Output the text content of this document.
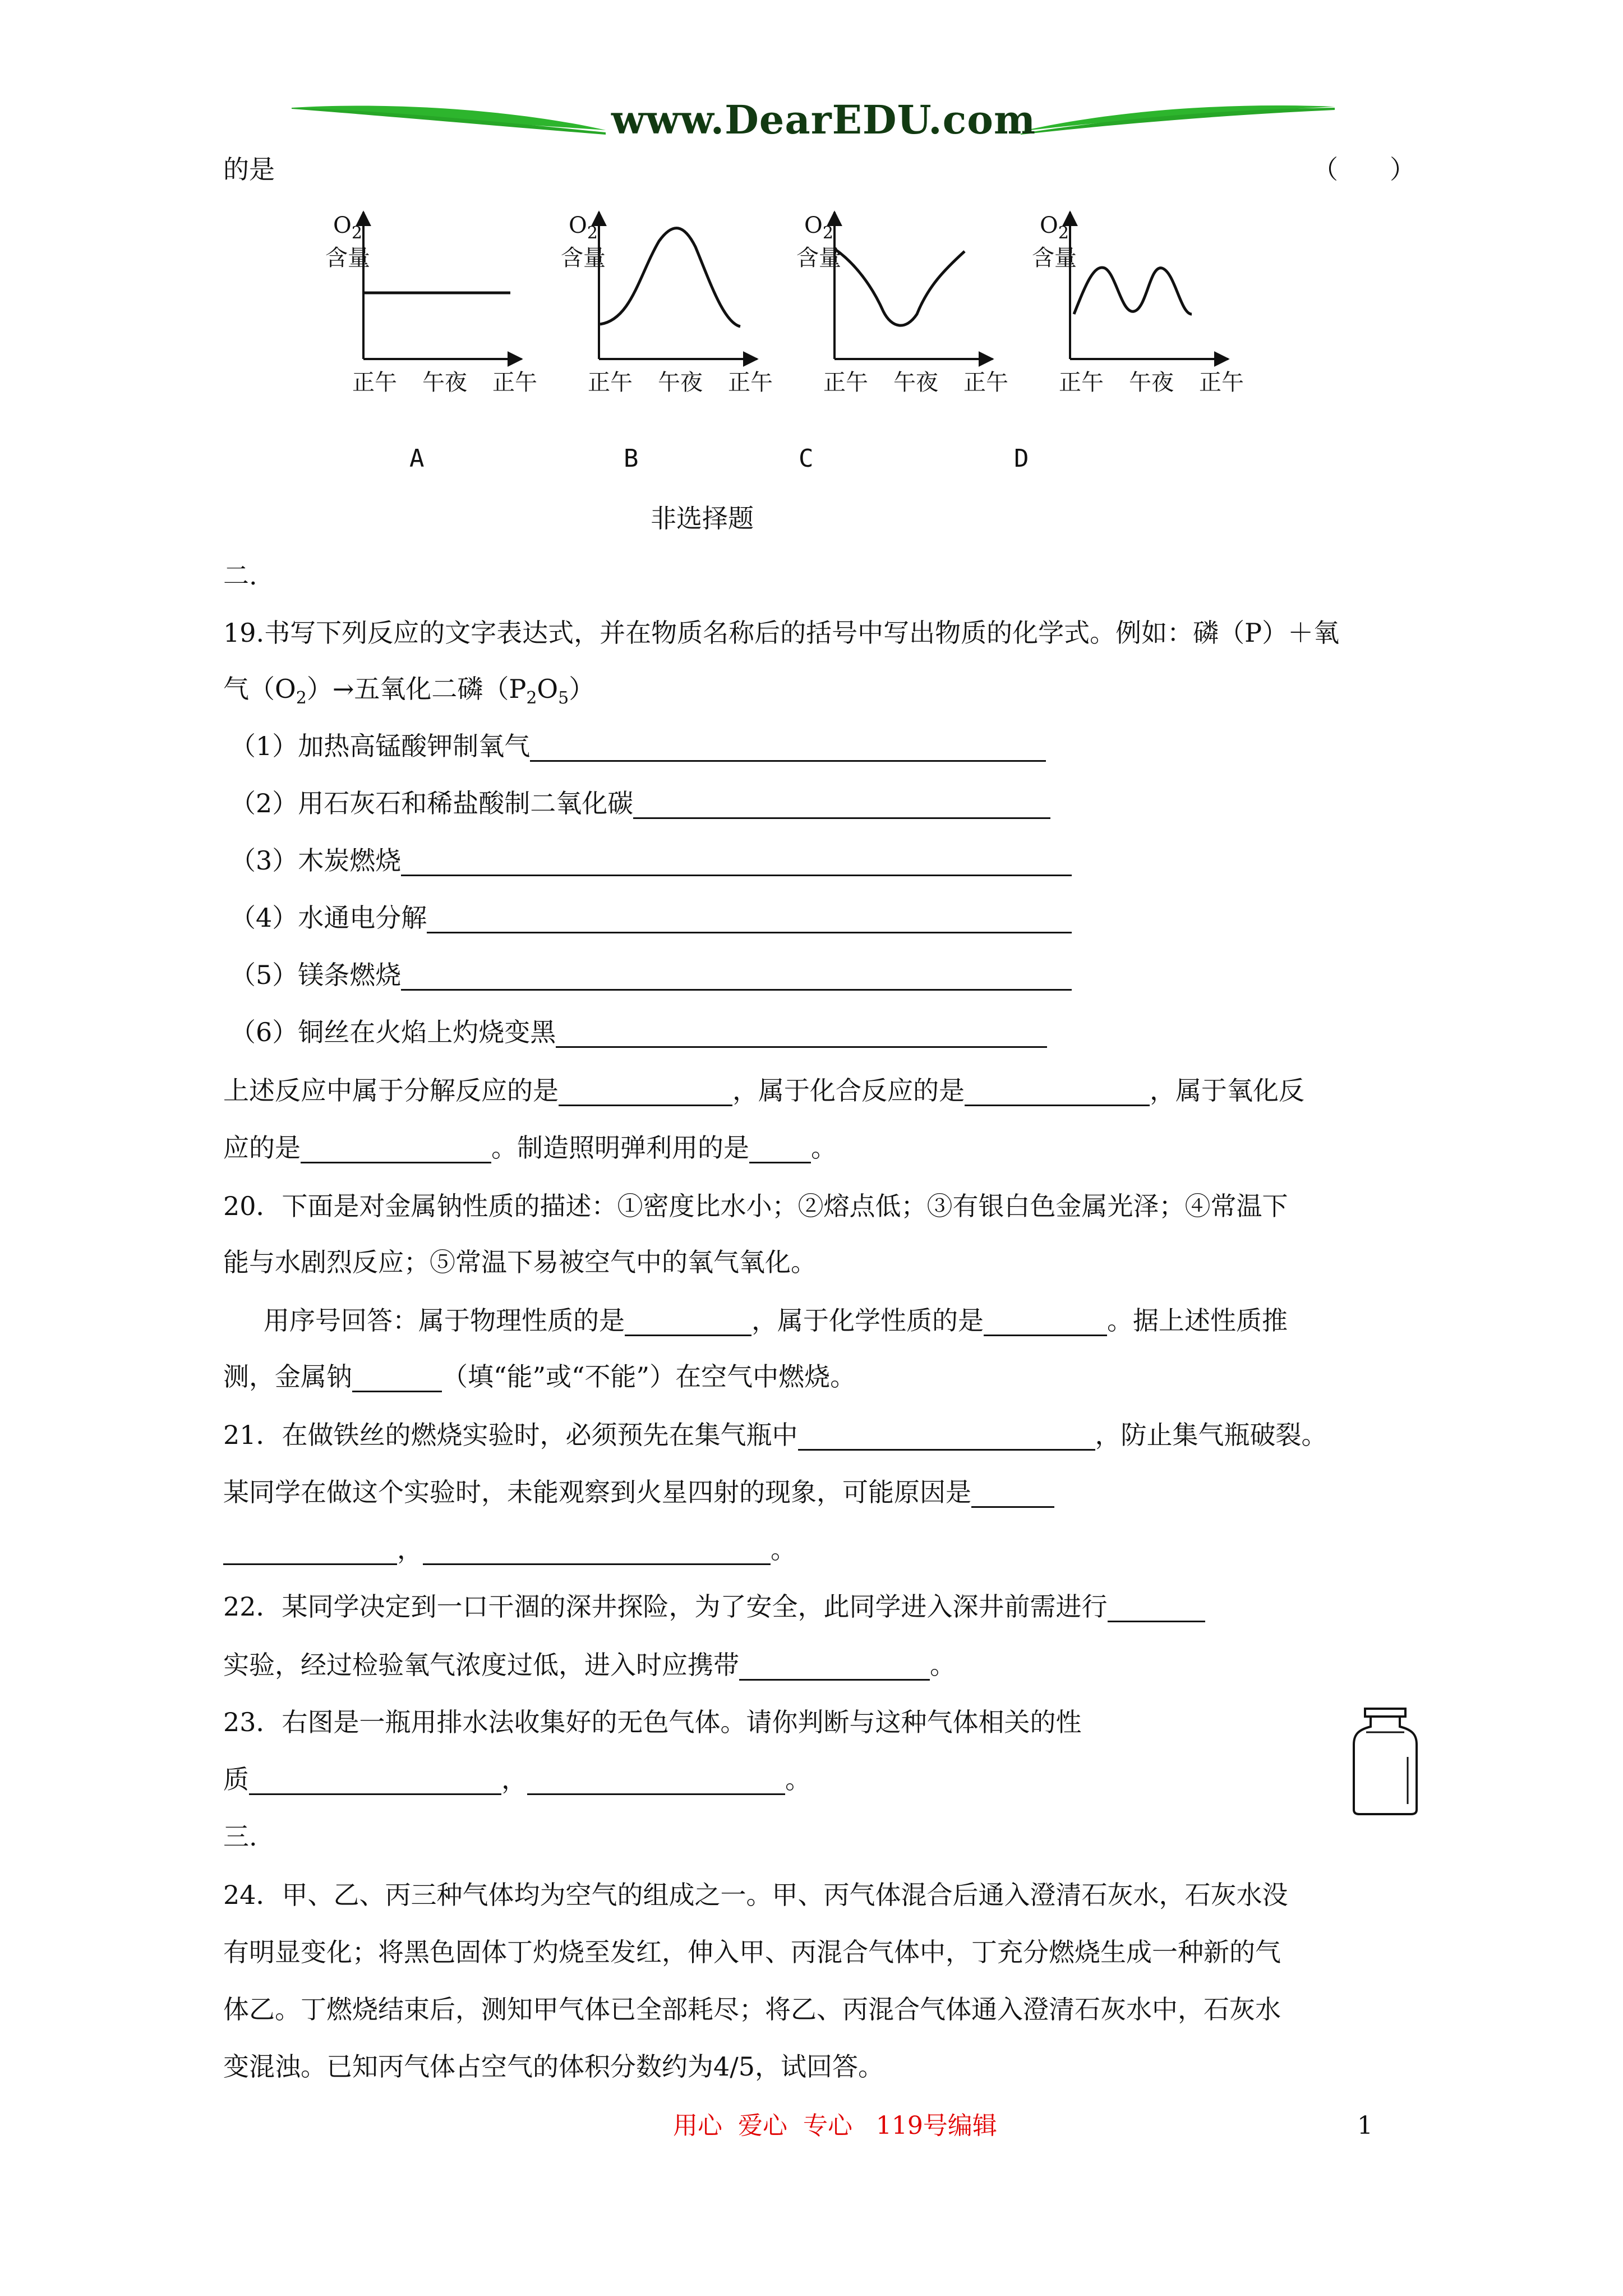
www.DearEDU.com
的是	（　　）
$O_2$
含量
$O_2$
含量
$O_2$
含量
$O_2$
含量
正午 午夜 正午 正午 午夜 正午 正午 午夜 正午 正午 午夜 正午
A	B	C	D
非选择题
二.
19.书写下列反应的文字表达式，并在物质名称后的括号中写出物质的化学式。例如：磷（P）＋氧
气$(O_2)\to$五氧化二磷$(P_2O_5)$
（1）加热高锰酸钾制氧气
（2）用石灰石和稀盐酸制二氧化碳
（3）木炭燃烧
（4）水通电分解
（5）镁条燃烧
（6）铜丝在火焰上灼烧变黑
上述反应中属于分解反应的是	，属于化合反应的是	，属于氧化反
应的是	。制造照明弹利用的是 。
20．下面是对金属钠性质的描述：①密度比水小；②熔点低；③有银白色金属光泽；④常温下
能与水剧烈反应；⑤常温下易被空气中的氧气氧化。
用序号回答：属于物理性质的是	，属于化学性质的是	。据上述性质推
测，金属钠	（填“能”或“不能”）在空气中燃烧。
21．在做铁丝的燃烧实验时，必须预先在集气瓶中	，防止集气瓶破裂。
某同学在做这个实验时，未能观察到火星四射的现象，可能原因是
，	。
22．某同学决定到一口干涸的深井探险，为了安全，此同学进入深井前需进行
实验，经过检验氧气浓度过低，进入时应携带	。
23．右图是一瓶用排水法收集好的无色气体。请你判断与这种气体相关的性
质	，	。
三.
24．甲、乙、丙三种气体均为空气的组成之一。甲、丙气体混合后通入澄清石灰水，石灰水没
有明显变化；将黑色固体丁灼烧至发红，伸入甲、丙混合气体中，丁充分燃烧生成一种新的气
体乙。丁燃烧结束后，测知甲气体已全部耗尽；将乙、丙混合气体通入澄清石灰水中，石灰水
变混浊。已知丙气体占空气的体积分数约为4/5，试回答。
用心  爱心  专心   119号编辑	1
